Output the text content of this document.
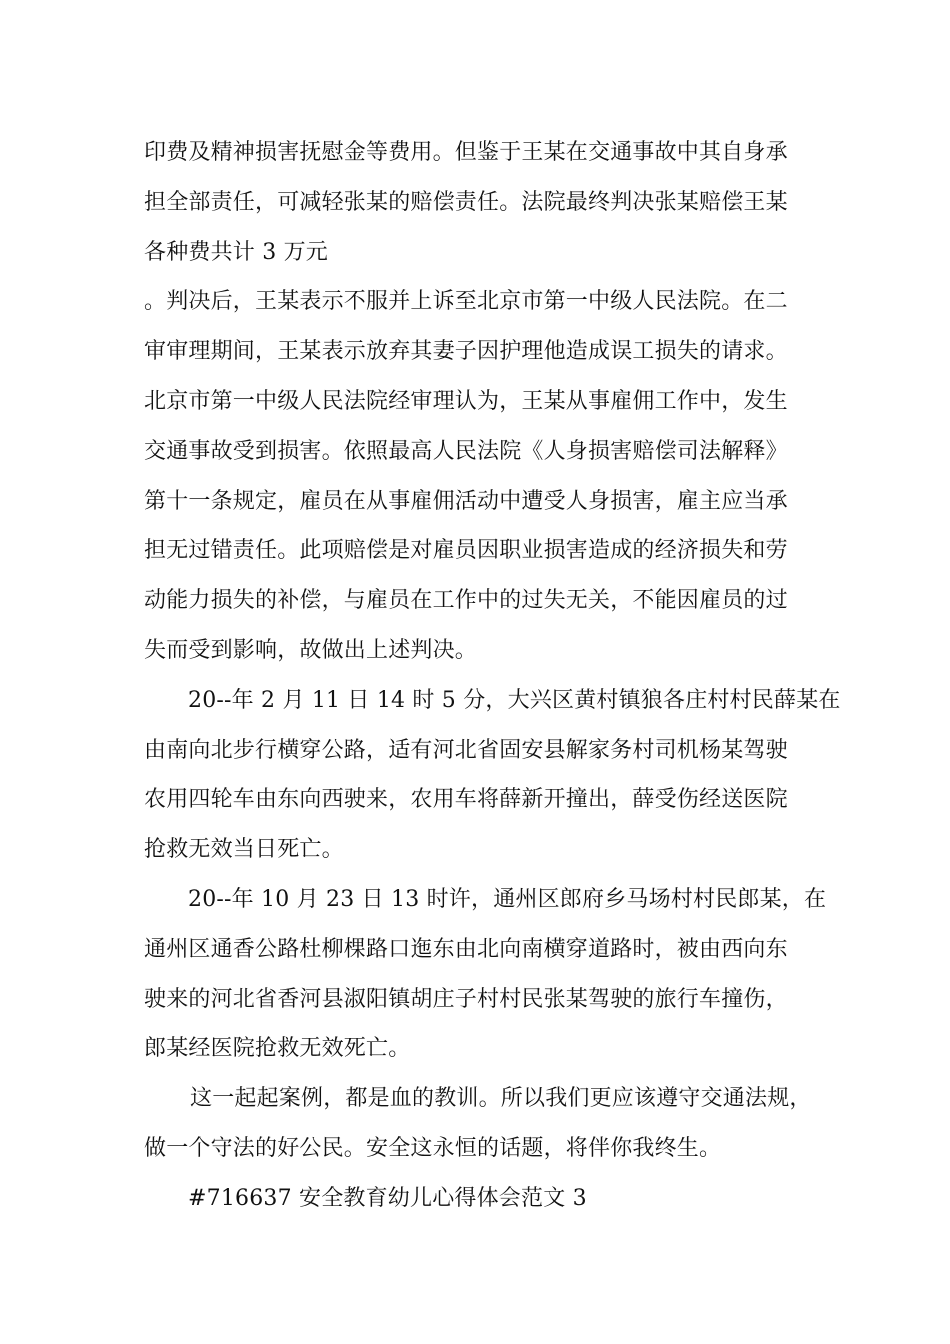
印费及精神损害抚慰金等费用。但鉴于王某在交通事故中其自身承
担全部责任，可减轻张某的赔偿责任。法院最终判决张某赔偿王某
各种费共计 3 万元
。判决后，王某表示不服并上诉至北京市第一中级人民法院。在二
审审理期间，王某表示放弃其妻子因护理他造成误工损失的请求。
北京市第一中级人民法院经审理认为，王某从事雇佣工作中，发生
交通事故受到损害。依照最高人民法院《人身损害赔偿司法解释》
第十一条规定，雇员在从事雇佣活动中遭受人身损害，雇主应当承
担无过错责任。此项赔偿是对雇员因职业损害造成的经济损失和劳
动能力损失的补偿，与雇员在工作中的过失无关，不能因雇员的过
失而受到影响，故做出上述判决。
20--年 2 月 11 日 14 时 5 分，大兴区黄村镇狼各庄村村民薛某在
由南向北步行横穿公路，适有河北省固安县解家务村司机杨某驾驶
农用四轮车由东向西驶来，农用车将薛新开撞出，薛受伤经送医院
抢救无效当日死亡。
20--年 10 月 23 日 13 时许，通州区郎府乡马场村村民郎某，在
通州区通香公路杜柳棵路口迤东由北向南横穿道路时，被由西向东
驶来的河北省香河县淑阳镇胡庄子村村民张某驾驶的旅行车撞伤，
郎某经医院抢救无效死亡。
这一起起案例，都是血的教训。所以我们更应该遵守交通法规，
做一个守法的好公民。安全这永恒的话题，将伴你我终生。
#716637 安全教育幼儿心得体会范文 3
